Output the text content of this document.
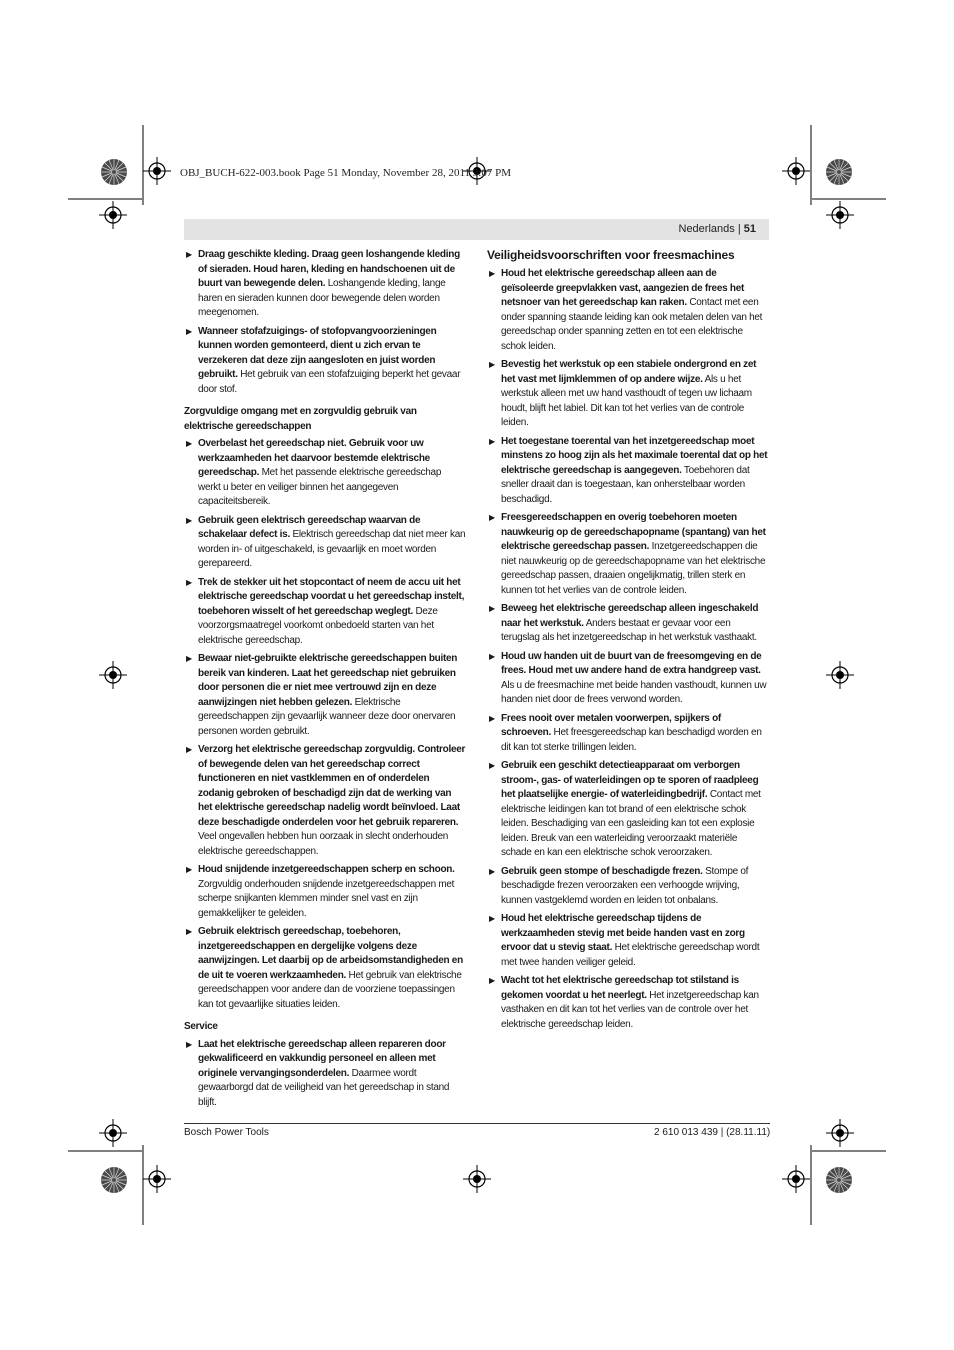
OBJ_BUCH-622-003.book Page 51 Monday, November 28, 2011 3:07 PM
Nederlands | 51
▶ Draag geschikte kleding. Draag geen loshangende kleding of sieraden. Houd haren, kleding en handschoenen uit de buurt van bewegende delen. Loshangende kleding, lange haren en sieraden kunnen door bewegende delen worden meegenomen.
▶ Wanneer stofafzuigings- of stofopvangvoorzieningen kunnen worden gemonteerd, dient u zich ervan te verzekeren dat deze zijn aangesloten en juist worden gebruikt. Het gebruik van een stofafzuiging beperkt het gevaar door stof.
Zorgvuldige omgang met en zorgvuldig gebruik van elektrische gereedschappen
▶ Overbelast het gereedschap niet. Gebruik voor uw werkzaamheden het daarvoor bestemde elektrische gereedschap. Met het passende elektrische gereedschap werkt u beter en veiliger binnen het aangegeven capaciteitsbereik.
▶ Gebruik geen elektrisch gereedschap waarvan de schakelaar defect is. Elektrisch gereedschap dat niet meer kan worden in- of uitgeschakeld, is gevaarlijk en moet worden gerepareerd.
▶ Trek de stekker uit het stopcontact of neem de accu uit het elektrische gereedschap voordat u het gereedschap instelt, toebehoren wisselt of het gereedschap weglegt. Deze voorzorgsmaatregel voorkomt onbedoeld starten van het elektrische gereedschap.
▶ Bewaar niet-gebruikte elektrische gereedschappen buiten bereik van kinderen. Laat het gereedschap niet gebruiken door personen die er niet mee vertrouwd zijn en deze aanwijzingen niet hebben gelezen. Elektrische gereedschappen zijn gevaarlijk wanneer deze door onervaren personen worden gebruikt.
▶ Verzorg het elektrische gereedschap zorgvuldig. Controleer of bewegende delen van het gereedschap correct functioneren en niet vastklemmen en of onderdelen zodanig gebroken of beschadigd zijn dat de werking van het elektrische gereedschap nadelig wordt beïnvloed. Laat deze beschadigde onderdelen voor het gebruik repareren. Veel ongevallen hebben hun oorzaak in slecht onderhouden elektrische gereedschappen.
▶ Houd snijdende inzetgereedschappen scherp en schoon. Zorgvuldig onderhouden snijdende inzetgereedschappen met scherpe snijkanten klemmen minder snel vast en zijn gemakkelijker te geleiden.
▶ Gebruik elektrisch gereedschap, toebehoren, inzetgereedschappen en dergelijke volgens deze aanwijzingen. Let daarbij op de arbeidsomstandigheden en de uit te voeren werkzaamheden. Het gebruik van elektrische gereedschappen voor andere dan de voorziene toepassingen kan tot gevaarlijke situaties leiden.
Service
▶ Laat het elektrische gereedschap alleen repareren door gekwalificeerd en vakkundig personeel en alleen met originele vervangingsonderdelen. Daarmee wordt gewaarborgd dat de veiligheid van het gereedschap in stand blijft.
Veiligheidsvoorschriften voor freesmachines
▶ Houd het elektrische gereedschap alleen aan de geïsoleerde greepvlakken vast, aangezien de frees het netsnoer van het gereedschap kan raken. Contact met een onder spanning staande leiding kan ook metalen delen van het gereedschap onder spanning zetten en tot een elektrische schok leiden.
▶ Bevestig het werkstuk op een stabiele ondergrond en zet het vast met lijmklemmen of op andere wijze. Als u het werkstuk alleen met uw hand vasthoudt of tegen uw lichaam houdt, blijft het labiel. Dit kan tot het verlies van de controle leiden.
▶ Het toegestane toerental van het inzetgereedschap moet minstens zo hoog zijn als het maximale toerental dat op het elektrische gereedschap is aangegeven. Toebehoren dat sneller draait dan is toegestaan, kan onherstelbaar worden beschadigd.
▶ Freesgereedschappen en overig toebehoren moeten nauwkeurig op de gereedschapopname (spantang) van het elektrische gereedschap passen. Inzetgereedschappen die niet nauwkeurig op de gereedschapopname van het elektrische gereedschap passen, draaien ongelijkmatig, trillen sterk en kunnen tot het verlies van de controle leiden.
▶ Beweeg het elektrische gereedschap alleen ingeschakeld naar het werkstuk. Anders bestaat er gevaar voor een terugslag als het inzetgereedschap in het werkstuk vasthaakt.
▶ Houd uw handen uit de buurt van de freesomgeving en de frees. Houd met uw andere hand de extra handgreep vast. Als u de freesmachine met beide handen vasthoudt, kunnen uw handen niet door de frees verwond worden.
▶ Frees nooit over metalen voorwerpen, spijkers of schroeven. Het freesgereedschap kan beschadigd worden en dit kan tot sterke trillingen leiden.
▶ Gebruik een geschikt detectieapparaat om verborgen stroom-, gas- of waterleidingen op te sporen of raadpleeg het plaatselijke energie- of waterleidingbedrijf. Contact met elektrische leidingen kan tot brand of een elektrische schok leiden. Beschadiging van een gasleiding kan tot een explosie leiden. Breuk van een waterleiding veroorzaakt materiële schade en kan een elektrische schok veroorzaken.
▶ Gebruik geen stompe of beschadigde frezen. Stompe of beschadigde frezen veroorzaken een verhoogde wrijving, kunnen vastgeklemd worden en leiden tot onbalans.
▶ Houd het elektrische gereedschap tijdens de werkzaamheden stevig met beide handen vast en zorg ervoor dat u stevig staat. Het elektrische gereedschap wordt met twee handen veiliger geleid.
▶ Wacht tot het elektrische gereedschap tot stilstand is gekomen voordat u het neerlegt. Het inzetgereedschap kan vasthaken en dit kan tot het verlies van de controle over het elektrische gereedschap leiden.
Bosch Power Tools	2 610 013 439 | (28.11.11)
